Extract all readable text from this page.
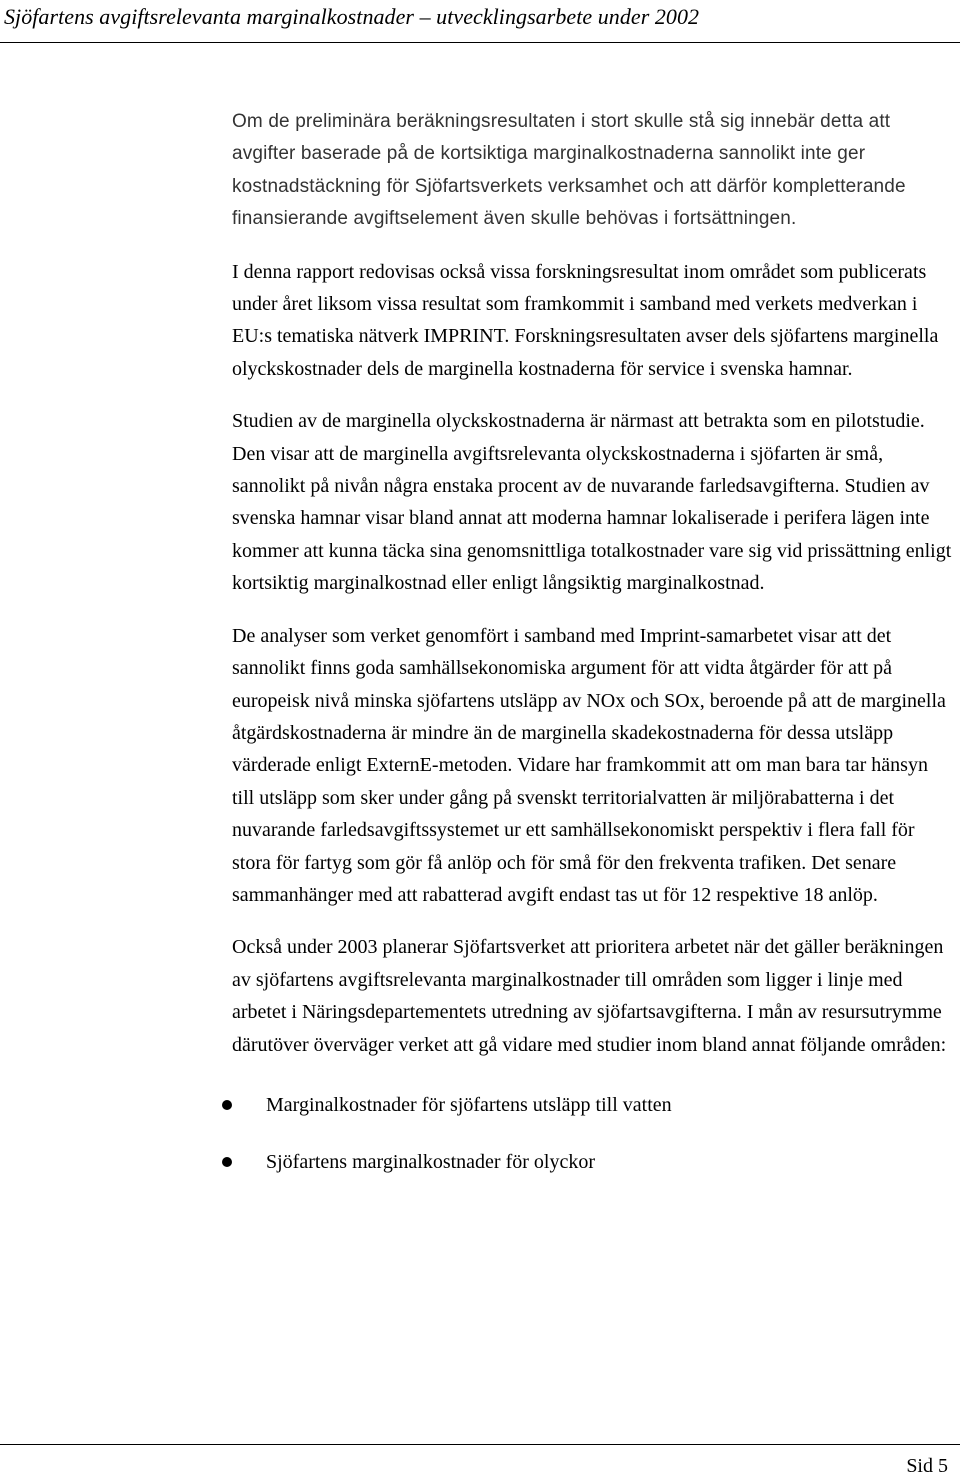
Sjöfartens avgiftsrelevanta marginalkostnader – utvecklingsarbete under 2002

Om de preliminära beräkningsresultaten i stort skulle stå sig innebär detta att avgifter baserade på de kortsiktiga marginalkostnaderna sannolikt inte ger kostnadstäckning för Sjöfartsverkets verksamhet och att därför kompletterande finansierande avgiftselement även skulle behövas i fortsättningen.

I denna rapport redovisas också vissa forskningsresultat inom området som publicerats under året liksom vissa resultat som framkommit i samband med verkets medverkan i EU:s tematiska nätverk IMPRINT. Forskningsresultaten avser dels sjöfartens marginella olyckskostnader dels de marginella kostnaderna för service i svenska hamnar.

Studien av de marginella olyckskostnaderna är närmast att betrakta som en pilotstudie. Den visar att de marginella avgiftsrelevanta olyckskostnaderna i sjöfarten är små, sannolikt på nivån några enstaka procent av de nuvarande farledsavgifterna. Studien av svenska hamnar visar bland annat att moderna hamnar lokaliserade i perifera lägen inte kommer att kunna täcka sina genomsnittliga totalkostnader vare sig vid prissättning enligt kortsiktig marginalkostnad eller enligt långsiktig marginalkostnad.

De analyser som verket genomfört i samband med Imprint-samarbetet visar att det sannolikt finns goda samhällsekonomiska argument för att vidta åtgärder för att på europeisk nivå minska sjöfartens utsläpp av NOx och SOx, beroende på att de marginella åtgärdskostnaderna är mindre än de marginella skadekostnaderna för dessa utsläpp värderade enligt ExternE-metoden. Vidare har framkommit att om man bara tar hänsyn till utsläpp som sker under gång på svenskt territorialvatten är miljörabatterna i det nuvarande farledsavgiftssystemet ur ett samhällsekonomiskt perspektiv i flera fall för stora för fartyg som gör få anlöp och för små för den frekventa trafiken. Det senare sammanhänger med att rabatterad avgift endast tas ut för 12 respektive 18 anlöp.

Också under 2003 planerar Sjöfartsverket att prioritera arbetet när det gäller beräkningen av sjöfartens avgiftsrelevanta marginalkostnader till områden som ligger i linje med arbetet i Näringsdepartementets utredning av sjöfartsavgifterna. I mån av resursutrymme därutöver överväger verket att gå vidare med studier inom bland annat följande områden:

Marginalkostnader för sjöfartens utsläpp till vatten
Sjöfartens marginalkostnader för olyckor
Sid 5
